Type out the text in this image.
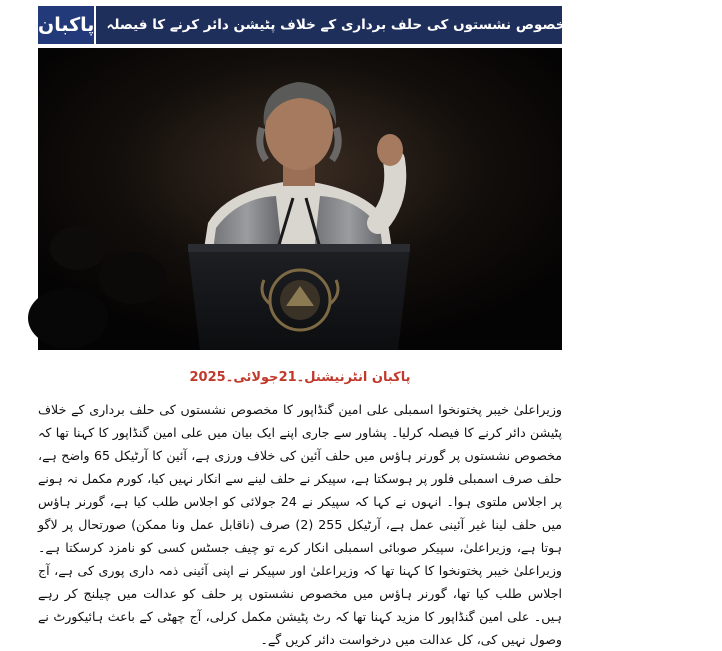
پاکبان علی امین گنڈاپور کا مخصوص نشستوں کی حلف برداری کے خلاف پٹیشن دائر کرنے کا فیصلہ
پاکبان انٹرنیشنل۔21جولائی۔2025
وزیراعلیٰ خیبر پختونخوا اسمبلی علی امین گنڈاپور کا مخصوص نشستوں کی حلف برداری کے خلاف پٹیشن دائر کرنے کا فیصلہ کرلیا۔ پشاور سے جاری اپنے ایک بیان میں علی امین گنڈاپور کا کہنا تھا کہ مخصوص نشستوں پر گورنر ہاؤس میں حلف آئین کی خلاف ورزی ہے، آئین کا آرٹیکل 65 واضح ہے، حلف صرف اسمبلی فلور پر ہوسکتا ہے، سپیکر نے حلف لینے سے انکار نہیں کیا، کورم مکمل نہ ہونے پر اجلاس ملتوی ہوا۔ انہوں نے کہا کہ سپیکر نے 24 جولائی کو اجلاس طلب کیا ہے، گورنر ہاؤس میں حلف لینا غیر آئینی عمل ہے، آرٹیکل 255 (2) صرف (ناقابل عمل ونا ممکن) صورتحال پر لاگو ہوتا ہے، وزیراعلیٰ، سپیکر صوبائی اسمبلی انکار کرے تو چیف جسٹس کسی کو نامزد کرسکتا ہے۔ وزیراعلیٰ خیبر پختونخوا کا کہنا تھا کہ وزیراعلیٰ اور سپیکر نے اپنی آئینی ذمہ داری پوری کی ہے، آج اجلاس طلب کیا تھا، گورنر ہاؤس میں مخصوص نشستوں پر حلف کو عدالت میں چیلنج کر رہے ہیں۔ علی امین گنڈاپور کا مزید کہنا تھا کہ رٹ پٹیشن مکمل کرلی، آج چھٹی کے باعث ہائیکورٹ نے وصول نہیں کی، کل عدالت میں درخواست دائر کریں گے۔
